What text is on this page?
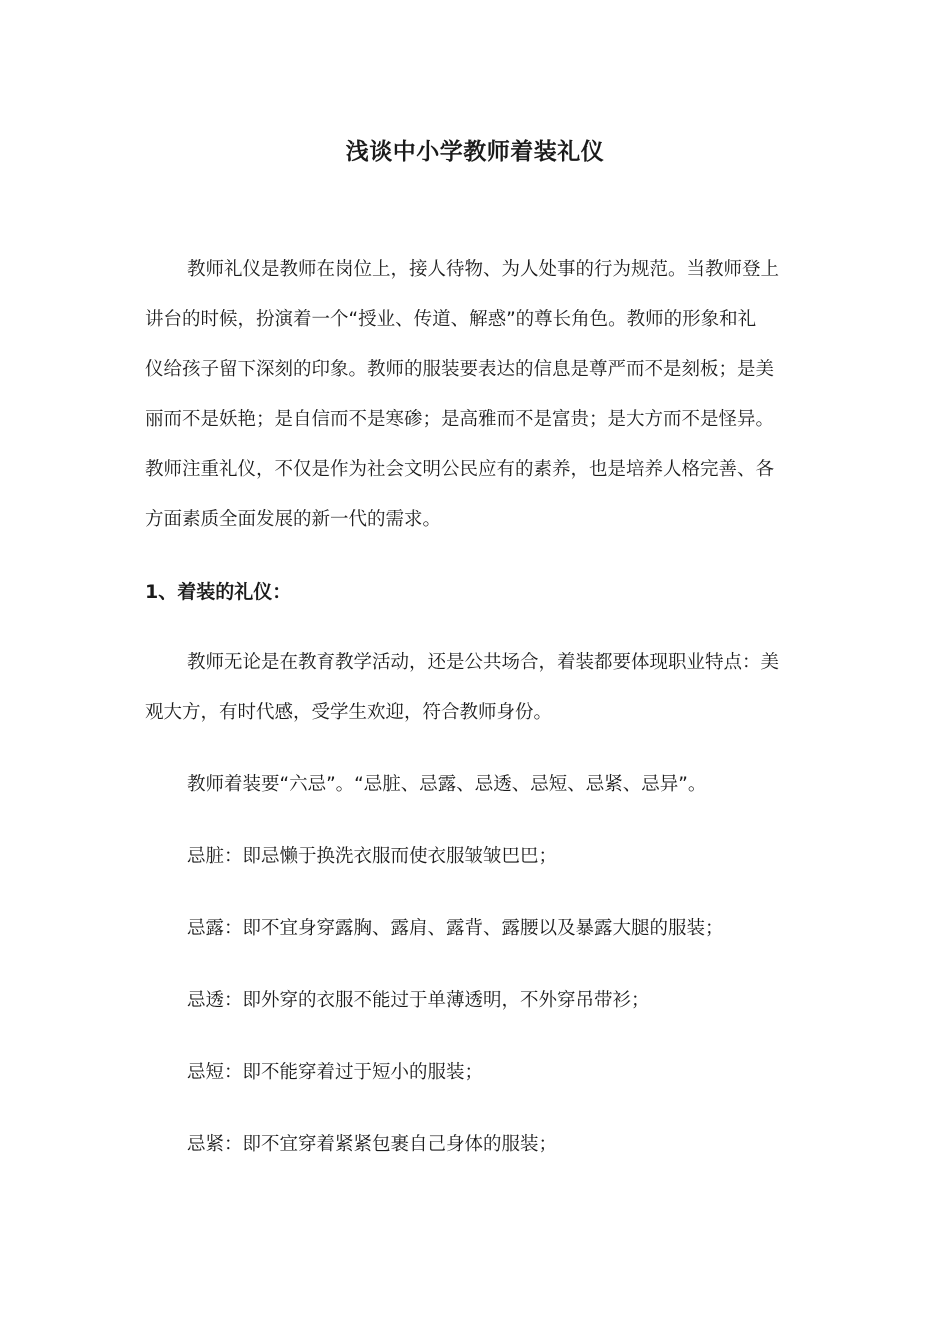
浅谈中小学教师着装礼仪
教师礼仪是教师在岗位上，接人待物、为人处事的行为规范。当教师登上
讲台的时候，扮演着一个“授业、传道、解惑”的尊长角色。教师的形象和礼
仪给孩子留下深刻的印象。教师的服装要表达的信息是尊严而不是刻板；是美
丽而不是妖艳；是自信而不是寒碜；是高雅而不是富贵；是大方而不是怪异。
教师注重礼仪，不仅是作为社会文明公民应有的素养，也是培养人格完善、各
方面素质全面发展的新一代的需求。
1、着装的礼仪：
教师无论是在教育教学活动，还是公共场合，着装都要体现职业特点：美
观大方，有时代感，受学生欢迎，符合教师身份。
教师着装要“六忌”。“忌脏、忌露、忌透、忌短、忌紧、忌异”。
忌脏：即忌懒于换洗衣服而使衣服皱皱巴巴；
忌露：即不宜身穿露胸、露肩、露背、露腰以及暴露大腿的服装；
忌透：即外穿的衣服不能过于单薄透明，不外穿吊带衫；
忌短：即不能穿着过于短小的服装；
忌紧：即不宜穿着紧紧包裹自己身体的服装；
